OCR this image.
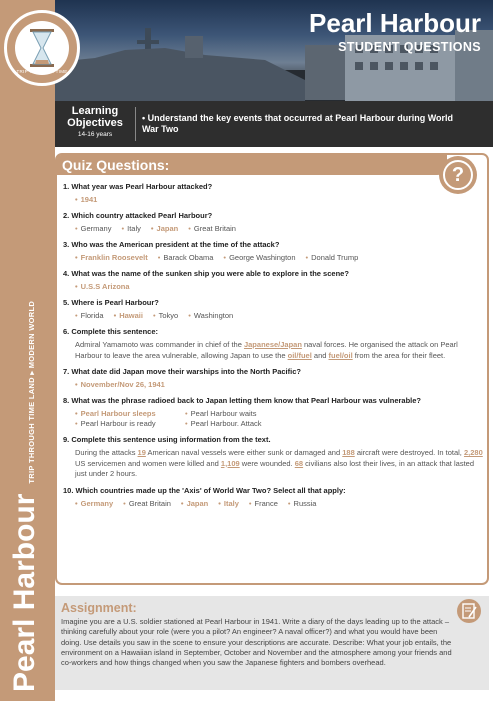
Pearl Harbour
TRIP THROUGH TIME LAND ▸ MODERN WORLD
TRIP THROUGH TIME
Pearl Harbour
STUDENT QUESTIONS
Learning Objectives
14-16 years
• Understand the key events that occurred at Pearl Harbour during World War Two
Quiz Questions:	?
1. What year was Pearl Harbour attacked?
• 1941
2. Which country attacked Pearl Harbour?
• Germany • Italy • Japan • Great Britain
3. Who was the American president at the time of the attack?
• Franklin Roosevelt • Barack Obama • George Washington • Donald Trump
4. What was the name of the sunken ship you were able to explore in the scene?
• U.S.S Arizona
5. Where is Pearl Harbour?
• Florida • Hawaii • Tokyo • Washington
6. Complete this sentence:
Admiral Yamamoto was commander in chief of the Japanese/Japan naval forces. He organised the attack on Pearl Harbour to leave the area vulnerable, allowing Japan to use the oil/fuel and fuel/oil from the area for their fleet.
7. What date did Japan move their warships into the North Pacific?
• November/Nov 26, 1941
8. What was the phrase radioed back to Japan letting them know that Pearl Harbour was vulnerable?
• Pearl Harbour sleeps	• Pearl Harbour waits
• Pearl Harbour is ready	• Pearl Harbour. Attack
9. Complete this sentence using information from the text.
During the attacks 19 American naval vessels were either sunk or damaged and 188 aircraft were destroyed. In total, 2,280 US servicemen and women were killed and 1,109 were wounded. 68 civilians also lost their lives, in an attack that lasted just under 2 hours.
10. Which countries made up the 'Axis' of World War Two? Select all that apply:
• Germany • Great Britain • Japan • Italy • France • Russia
Assignment:

Imagine you are a U.S. soldier stationed at Pearl Harbour in 1941. Write a diary of the days leading up to the attack – thinking carefully about your role (were you a pilot? An engineer? A naval officer?) and what you would have been doing. Use details you saw in the scene to ensure your descriptions are accurate. Describe: What your job entails, the environment on a Hawaiian island in September, October and November and the atmosphere among your friends and co-workers and how things changed when you saw the Japanese fighters and bombers overhead.
